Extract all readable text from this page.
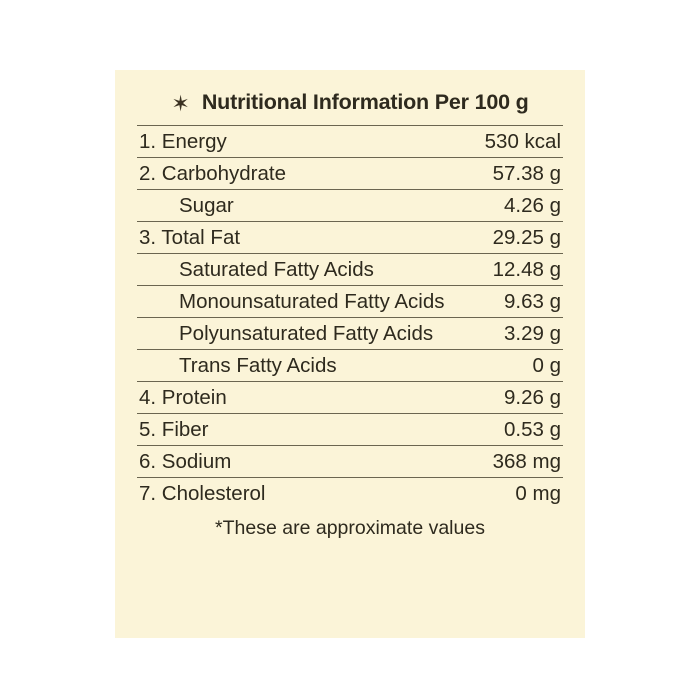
✶ Nutritional Information Per 100 g
1. Energy	530 kcal
2. Carbohydrate	57.38 g
Sugar	4.26 g
3. Total Fat	29.25 g
Saturated Fatty Acids	12.48 g
Monounsaturated Fatty Acids	9.63 g
Polyunsaturated Fatty Acids	3.29 g
Trans Fatty Acids	0 g
4. Protein	9.26 g
5. Fiber	0.53 g
6. Sodium	368 mg
7. Cholesterol	0 mg
*These are approximate values
